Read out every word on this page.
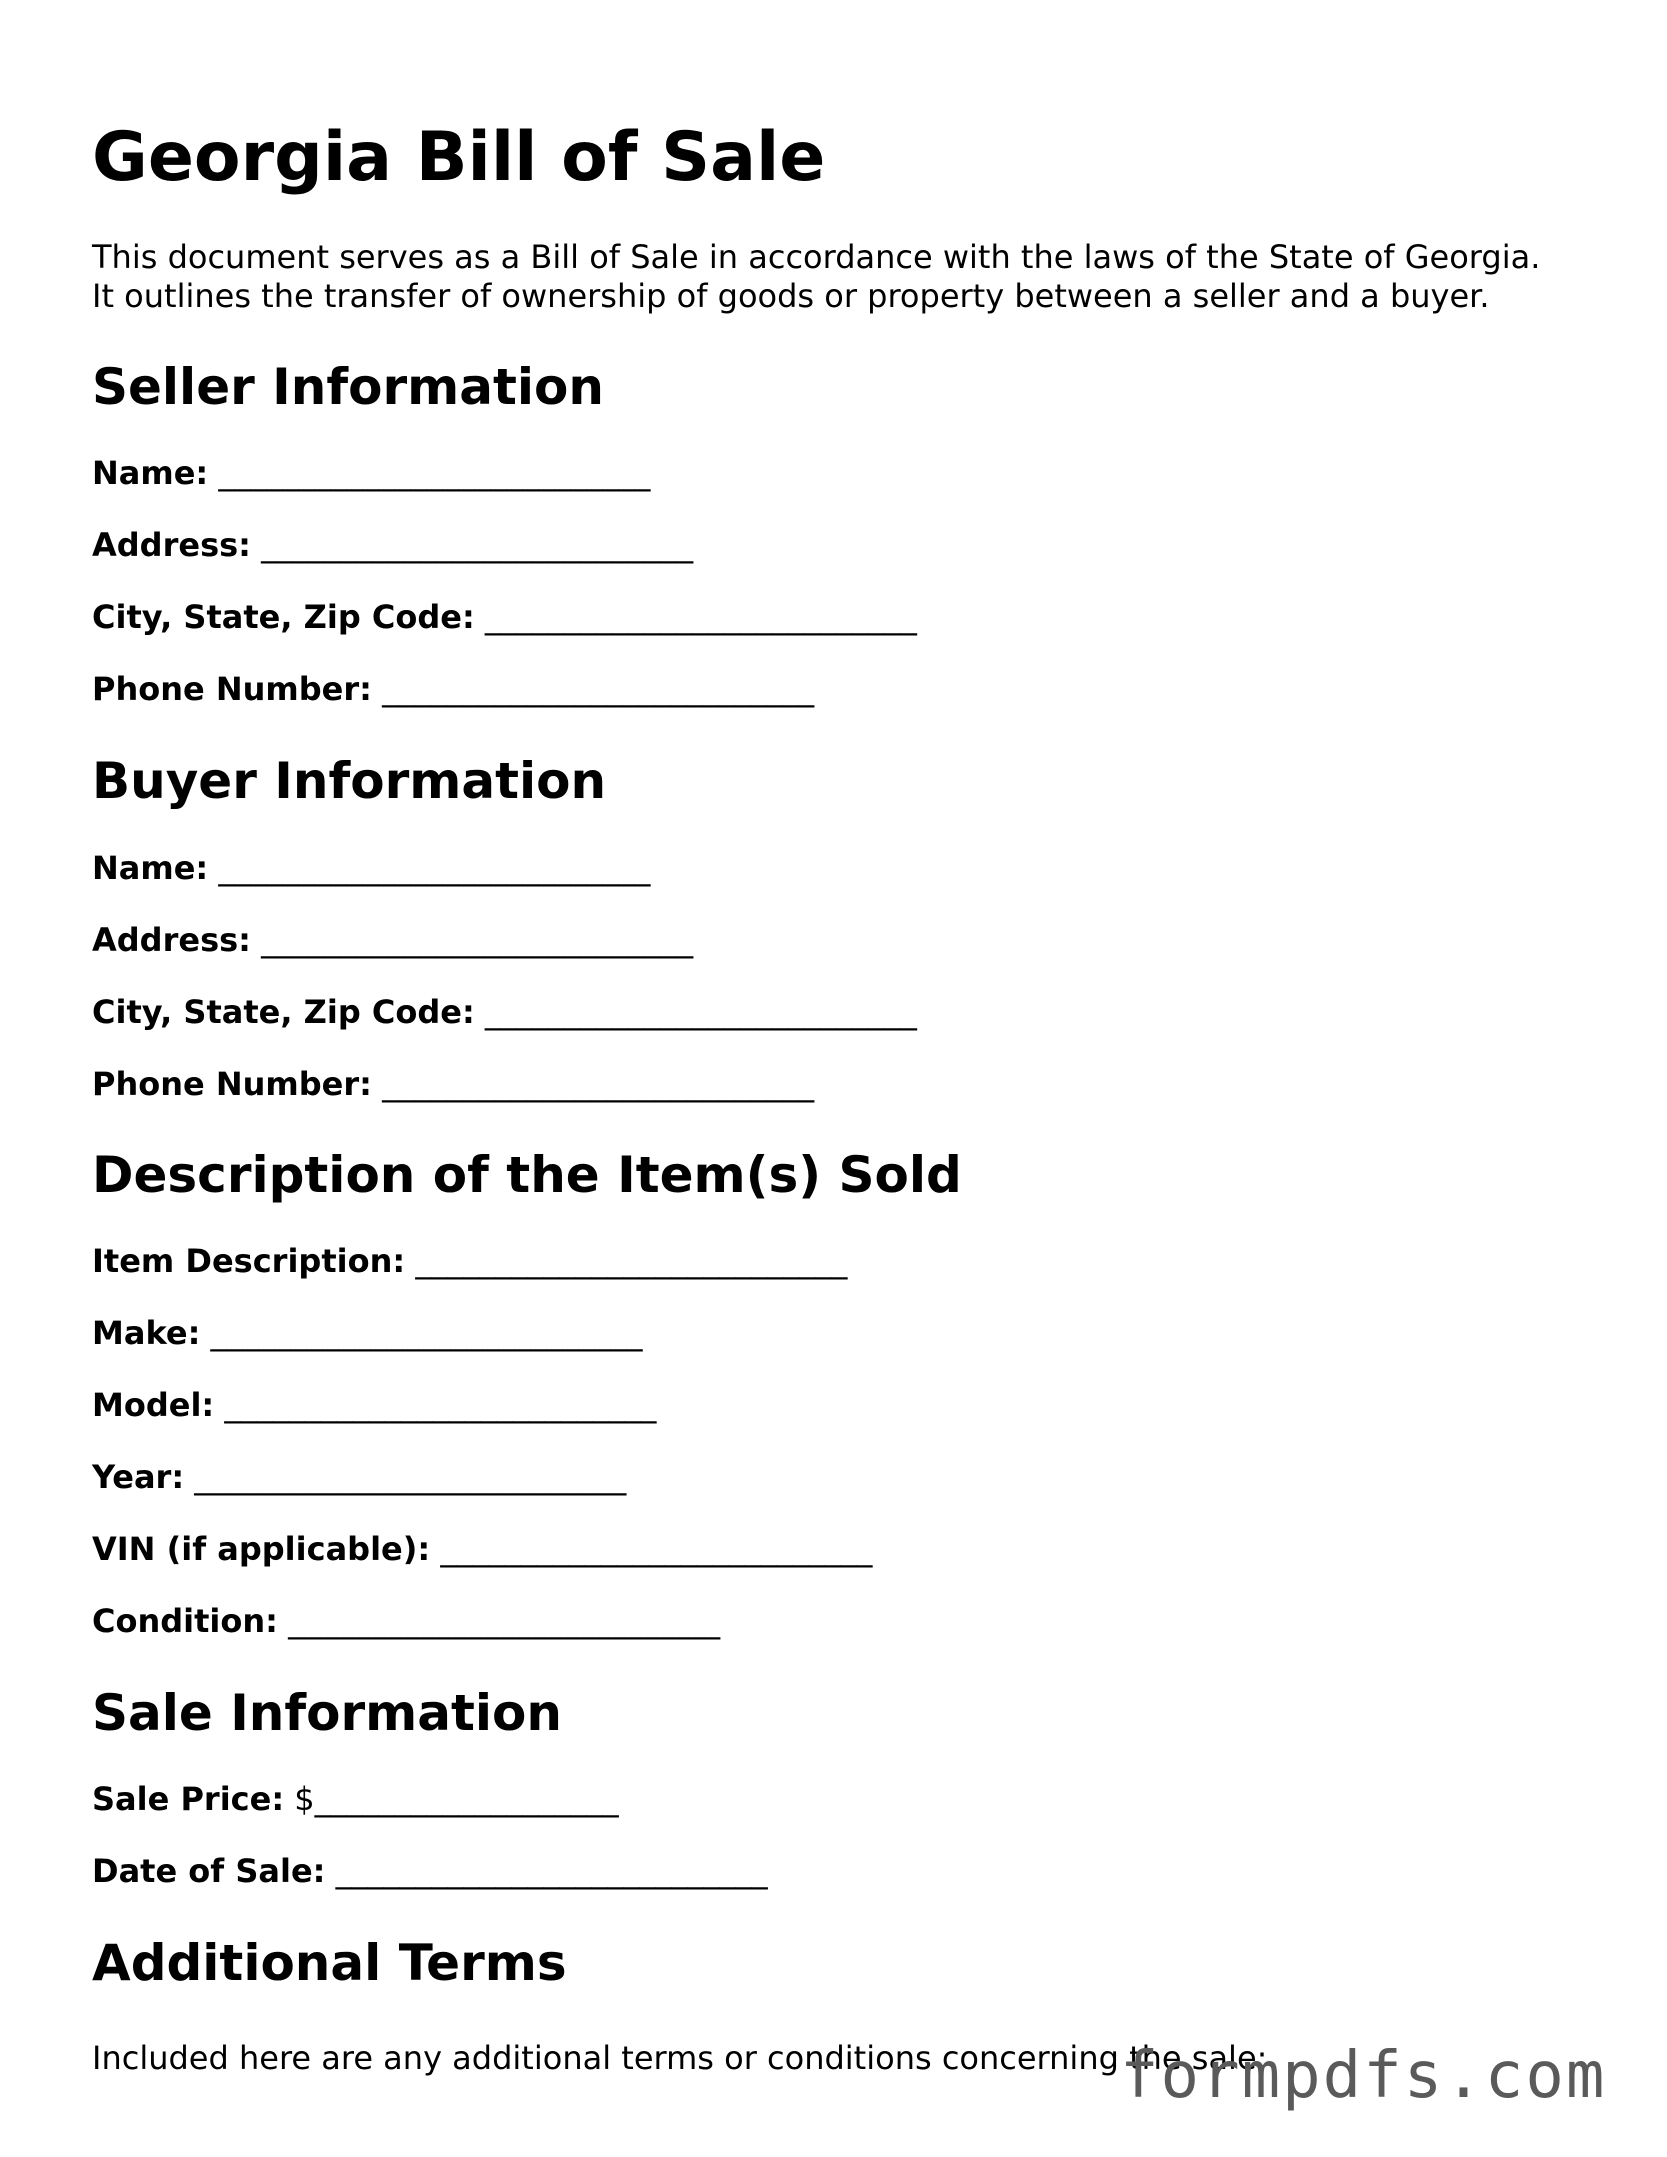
Georgia Bill of Sale

This document serves as a Bill of Sale in accordance with the laws of the State of Georgia.
It outlines the transfer of ownership of goods or property between a seller and a buyer.

Seller Information
Name: ___________________________
Address: ___________________________
City, State, Zip Code: ___________________________
Phone Number: ___________________________
Buyer Information
Name: ___________________________
Address: ___________________________
City, State, Zip Code: ___________________________
Phone Number: ___________________________
Description of the Item(s) Sold
Item Description: ___________________________
Make: ___________________________
Model: ___________________________
Year: ___________________________
VIN (if applicable): ___________________________
Condition: ___________________________
Sale Information
Sale Price: $___________________
Date of Sale: ___________________________
Additional Terms
Included here are any additional terms or conditions concerning the sale:
formpdfs.com
